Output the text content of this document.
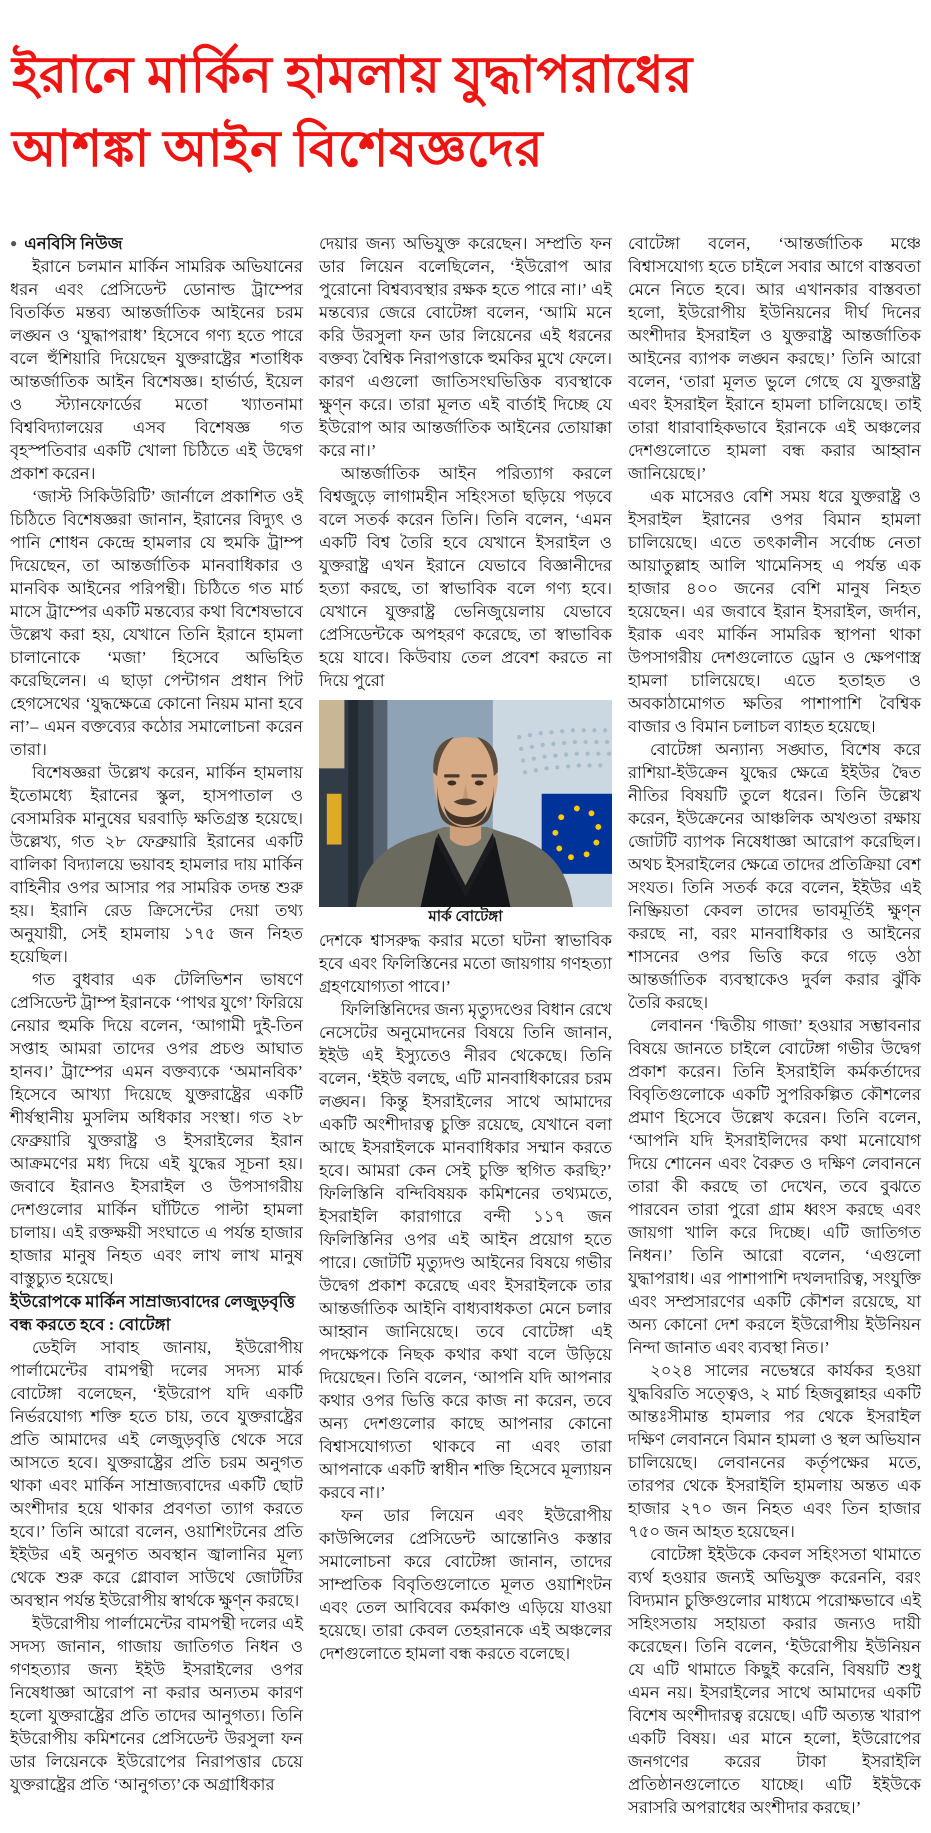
ইরানে মার্কিন হামলায় যুদ্ধাপরাধের
আশঙ্কা আইন বিশেষজ্ঞদের

● এনবিসি নিউজ

ইরানে চলমান মার্কিন সামরিক অভিযানের ধরন এবং প্রেসিডেন্ট ডোনাল্ড ট্রাম্পের বিতর্কিত মন্তব্য আন্তর্জাতিক আইনের চরম লঙ্ঘন ও ‘যুদ্ধাপরাধ’ হিসেবে গণ্য হতে পারে বলে হুঁশিয়ারি দিয়েছেন যুক্তরাষ্ট্রের শতাধিক আন্তর্জাতিক আইন বিশেষজ্ঞ। হার্ভার্ড, ইয়েল ও স্ট্যানফোর্ডের মতো খ্যাতনামা বিশ্ববিদ্যালয়ের এসব বিশেষজ্ঞ গত বৃহস্পতিবার একটি খোলা চিঠিতে এই উদ্বেগ প্রকাশ করেন।

‘জাস্ট সিকিউরিটি’ জার্নালে প্রকাশিত ওই চিঠিতে বিশেষজ্ঞরা জানান, ইরানের বিদ্যুৎ ও পানি শোধন কেন্দ্রে হামলার যে হুমকি ট্রাম্প দিয়েছেন, তা আন্তর্জাতিক মানবাধিকার ও মানবিক আইনের পরিপন্থী। চিঠিতে গত মার্চ মাসে ট্রাম্পের একটি মন্তব্যের কথা বিশেষভাবে উল্লেখ করা হয়, যেখানে তিনি ইরানে হামলা চালানোকে ‘মজা’ হিসেবে অভিহিত করেছিলেন। এ ছাড়া পেন্টাগন প্রধান পিট হেগসেথের ‘যুদ্ধক্ষেত্রে কোনো নিয়ম মানা হবে না’– এমন বক্তব্যের কঠোর সমালোচনা করেন তারা।

বিশেষজ্ঞরা উল্লেখ করেন, মার্কিন হামলায় ইতোমধ্যে ইরানের স্কুল, হাসপাতাল ও বেসামরিক মানুষের ঘরবাড়ি ক্ষতিগ্রস্ত হয়েছে। উল্লেখ্য, গত ২৮ ফেব্রুয়ারি ইরানের একটি বালিকা বিদ্যালয়ে ভয়াবহ হামলার দায় মার্কিন বাহিনীর ওপর আসার পর সামরিক তদন্ত শুরু হয়। ইরানি রেড ক্রিসেন্টের দেয়া তথ্য অনুযায়ী, সেই হামলায় ১৭৫ জন নিহত হয়েছিল।

গত বুধবার এক টেলিভিশন ভাষণে প্রেসিডেন্ট ট্রাম্প ইরানকে ‘পাথর যুগে’ ফিরিয়ে নেয়ার হুমকি দিয়ে বলেন, ‘আগামী দুই-তিন সপ্তাহ আমরা তাদের ওপর প্রচণ্ড আঘাত হানব।’ ট্রাম্পের এমন বক্তব্যকে ‘অমানবিক’ হিসেবে আখ্যা দিয়েছে যুক্তরাষ্ট্রের একটি শীর্ষস্থানীয় মুসলিম অধিকার সংস্থা। গত ২৮ ফেব্রুয়ারি যুক্তরাষ্ট্র ও ইসরাইলের ইরান আক্রমণের মধ্য দিয়ে এই যুদ্ধের সূচনা হয়। জবাবে ইরানও ইসরাইল ও উপসাগরীয় দেশগুলোর মার্কিন ঘাঁটিতে পাল্টা হামলা চালায়। এই রক্তক্ষয়ী সংঘাতে এ পর্যন্ত হাজার হাজার মানুষ নিহত এবং লাখ লাখ মানুষ বাস্তুচ্যুত হয়েছে।

ইউরোপকে মার্কিন সাম্রাজ্যবাদের লেজুড়বৃত্তি বন্ধ করতে হবে : বোটেঙ্গা

ডেইলি সাবাহ জানায়, ইউরোপীয় পার্লামেন্টের বামপন্থী দলের সদস্য মার্ক বোটেঙ্গা বলেছেন, ‘ইউরোপ যদি একটি নির্ভরযোগ্য শক্তি হতে চায়, তবে যুক্তরাষ্ট্রের প্রতি আমাদের এই লেজুড়বৃত্তি থেকে সরে আসতে হবে। যুক্তরাষ্ট্রের প্রতি চরম অনুগত থাকা এবং মার্কিন সাম্রাজ্যবাদের একটি ছোট অংশীদার হয়ে থাকার প্রবণতা ত্যাগ করতে হবে।’ তিনি আরো বলেন, ওয়াশিংটনের প্রতি ইইউর এই অনুগত অবস্থান জ্বালানির মূল্য থেকে শুরু করে গ্লোবাল সাউথে জোটটির অবস্থান পর্যন্ত ইউরোপীয় স্বার্থকে ক্ষুণ্ন করছে।

ইউরোপীয় পার্লামেন্টের বামপন্থী দলের এই সদস্য জানান, গাজায় জাতিগত নিধন ও গণহত্যার জন্য ইইউ ইসরাইলের ওপর নিষেধাজ্ঞা আরোপ না করার অন্যতম কারণ হলো যুক্তরাষ্ট্রের প্রতি তাদের আনুগত্য। তিনি ইউরোপীয় কমিশনের প্রেসিডেন্ট উরসুলা ফন ডার লিয়েনকে ইউরোপের নিরাপত্তার চেয়ে যুক্তরাষ্ট্রের প্রতি ‘আনুগত্য’কে অগ্রাধিকার

দেয়ার জন্য অভিযুক্ত করেছেন। সম্প্রতি ফন ডার লিয়েন বলেছিলেন, ‘ইউরোপ আর পুরোনো বিশ্বব্যবস্থার রক্ষক হতে পারে না।’ এই মন্তব্যের জেরে বোটেঙ্গা বলেন, ‘আমি মনে করি উরসুলা ফন ডার লিয়েনের এই ধরনের বক্তব্য বৈশ্বিক নিরাপত্তাকে হুমকির মুখে ফেলে। কারণ এগুলো জাতিসংঘভিত্তিক ব্যবস্থাকে ক্ষুণ্ন করে। তারা মূলত এই বার্তাই দিচ্ছে যে ইউরোপ আর আন্তর্জাতিক আইনের তোয়াক্কা করে না।’

আন্তর্জাতিক আইন পরিত্যাগ করলে বিশ্বজুড়ে লাগামহীন সহিংসতা ছড়িয়ে পড়বে বলে সতর্ক করেন তিনি। তিনি বলেন, ‘এমন একটি বিশ্ব তৈরি হবে যেখানে ইসরাইল ও যুক্তরাষ্ট্র এখন ইরানে যেভাবে বিজ্ঞানীদের হত্যা করছে, তা স্বাভাবিক বলে গণ্য হবে। যেখানে যুক্তরাষ্ট্র ভেনিজুয়েলায় যেভাবে প্রেসিডেন্টকে অপহরণ করেছে, তা স্বাভাবিক হয়ে যাবে। কিউবায় তেল প্রবেশ করতে না দিয়ে পুরো

মার্ক বোটেঙ্গা

দেশকে শ্বাসরুদ্ধ করার মতো ঘটনা স্বাভাবিক হবে এবং ফিলিস্তিনের মতো জায়গায় গণহত্যা গ্রহণযোগ্যতা পাবে।’

ফিলিস্তিনিদের জন্য মৃত্যুদণ্ডের বিধান রেখে নেসেটের অনুমোদনের বিষয়ে তিনি জানান, ইইউ এই ইস্যুতেও নীরব থেকেছে। তিনি বলেন, ‘ইইউ বলছে, এটি মানবাধিকারের চরম লঙ্ঘন। কিন্তু ইসরাইলের সাথে আমাদের একটি অংশীদারত্ব চুক্তি রয়েছে, যেখানে বলা আছে ইসরাইলকে মানবাধিকার সম্মান করতে হবে। আমরা কেন সেই চুক্তি স্থগিত করছি?’ ফিলিস্তিনি বন্দিবিষয়ক কমিশনের তথ্যমতে, ইসরাইলি কারাগারে বন্দী ১১৭ জন ফিলিস্তিনির ওপর এই আইন প্রয়োগ হতে পারে। জোটটি মৃত্যুদণ্ড আইনের বিষয়ে গভীর উদ্বেগ প্রকাশ করেছে এবং ইসরাইলকে তার আন্তর্জাতিক আইনি বাধ্যবাধকতা মেনে চলার আহ্বান জানিয়েছে। তবে বোটেঙ্গা এই পদক্ষেপকে নিছক কথার কথা বলে উড়িয়ে দিয়েছেন। তিনি বলেন, ‘আপনি যদি আপনার কথার ওপর ভিত্তি করে কাজ না করেন, তবে অন্য দেশগুলোর কাছে আপনার কোনো বিশ্বাসযোগ্যতা থাকবে না এবং তারা আপনাকে একটি স্বাধীন শক্তি হিসেবে মূল্যায়ন করবে না।’

ফন ডার লিয়েন এবং ইউরোপীয় কাউন্সিলের প্রেসিডেন্ট আন্তোনিও কস্তার সমালোচনা করে বোটেঙ্গা জানান, তাদের সাম্প্রতিক বিবৃতিগুলোতে মূলত ওয়াশিংটন এবং তেল আবিবের কর্মকাণ্ড এড়িয়ে যাওয়া হয়েছে। তারা কেবল তেহরানকে এই অঞ্চলের দেশগুলোতে হামলা বন্ধ করতে বলেছে।

বোটেঙ্গা বলেন, ‘আন্তর্জাতিক মঞ্চে বিশ্বাসযোগ্য হতে চাইলে সবার আগে বাস্তবতা মেনে নিতে হবে। আর এখানকার বাস্তবতা হলো, ইউরোপীয় ইউনিয়নের দীর্ঘ দিনের অংশীদার ইসরাইল ও যুক্তরাষ্ট্র আন্তর্জাতিক আইনের ব্যাপক লঙ্ঘন করছে।’ তিনি আরো বলেন, ‘তারা মূলত ভুলে গেছে যে যুক্তরাষ্ট্র এবং ইসরাইল ইরানে হামলা চালিয়েছে। তাই তারা ধারাবাহিকভাবে ইরানকে এই অঞ্চলের দেশগুলোতে হামলা বন্ধ করার আহ্বান জানিয়েছে।’

এক মাসেরও বেশি সময় ধরে যুক্তরাষ্ট্র ও ইসরাইল ইরানের ওপর বিমান হামলা চালিয়েছে। এতে তৎকালীন সর্বোচ্চ নেতা আয়াতুল্লাহ আলি খামেনিসহ এ পর্যন্ত এক হাজার ৪০০ জনের বেশি মানুষ নিহত হয়েছেন। এর জবাবে ইরান ইসরাইল, জর্দান, ইরাক এবং মার্কিন সামরিক স্থাপনা থাকা উপসাগরীয় দেশগুলোতে ড্রোন ও ক্ষেপণাস্ত্র হামলা চালিয়েছে। এতে হতাহত ও অবকাঠামোগত ক্ষতির পাশাপাশি বৈশ্বিক বাজার ও বিমান চলাচল ব্যাহত হয়েছে।

বোটেঙ্গা অন্যান্য সঙ্ঘাত, বিশেষ করে রাশিয়া-ইউক্রেন যুদ্ধের ক্ষেত্রে ইইউর দ্বৈত নীতির বিষয়টি তুলে ধরেন। তিনি উল্লেখ করেন, ইউক্রেনের আঞ্চলিক অখণ্ডতা রক্ষায় জোটটি ব্যাপক নিষেধাজ্ঞা আরোপ করেছিল। অথচ ইসরাইলের ক্ষেত্রে তাদের প্রতিক্রিয়া বেশ সংযত। তিনি সতর্ক করে বলেন, ইইউর এই নিষ্ক্রিয়তা কেবল তাদের ভাবমূর্তিই ক্ষুণ্ন করছে না, বরং মানবাধিকার ও আইনের শাসনের ওপর ভিত্তি করে গড়ে ওঠা আন্তর্জাতিক ব্যবস্থাকেও দুর্বল করার ঝুঁকি তৈরি করছে।

লেবানন ‘দ্বিতীয় গাজা’ হওয়ার সম্ভাবনার বিষয়ে জানতে চাইলে বোটেঙ্গা গভীর উদ্বেগ প্রকাশ করেন। তিনি ইসরাইলি কর্মকর্তাদের বিবৃতিগুলোকে একটি সুপরিকল্পিত কৌশলের প্রমাণ হিসেবে উল্লেখ করেন। তিনি বলেন, ‘আপনি যদি ইসরাইলিদের কথা মনোযোগ দিয়ে শোনেন এবং বৈরুত ও দক্ষিণ লেবাননে তারা কী করছে তা দেখেন, তবে বুঝতে পারবেন তারা পুরো গ্রাম ধ্বংস করছে এবং জায়গা খালি করে দিচ্ছে। এটি জাতিগত নিধন।’ তিনি আরো বলেন, ‘এগুলো যুদ্ধাপরাধ। এর পাশাপাশি দখলদারিত্ব, সংযুক্তি এবং সম্প্রসারণের একটি কৌশল রয়েছে, যা অন্য কোনো দেশ করলে ইউরোপীয় ইউনিয়ন নিন্দা জানাত এবং ব্যবস্থা নিত।’

২০২৪ সালের নভেম্বরে কার্যকর হওয়া যুদ্ধবিরতি সত্ত্বেও, ২ মার্চ হিজবুল্লাহর একটি আন্তঃসীমান্ত হামলার পর থেকে ইসরাইল দক্ষিণ লেবাননে বিমান হামলা ও স্থল অভিযান চালিয়েছে। লেবাননের কর্তৃপক্ষের মতে, তারপর থেকে ইসরাইলি হামলায় অন্তত এক হাজার ২৭০ জন নিহত এবং তিন হাজার ৭৫০ জন আহত হয়েছেন।

বোটেঙ্গা ইইউকে কেবল সহিংসতা থামাতে ব্যর্থ হওয়ার জন্যই অভিযুক্ত করেননি, বরং বিদ্যমান চুক্তিগুলোর মাধ্যমে পরোক্ষভাবে এই সহিংসতায় সহায়তা করার জন্যও দায়ী করেছেন। তিনি বলেন, ‘ইউরোপীয় ইউনিয়ন যে এটি থামাতে কিছুই করেনি, বিষয়টি শুধু এমন নয়। ইসরাইলের সাথে আমাদের একটি বিশেষ অংশীদারত্ব রয়েছে। এটি অত্যন্ত খারাপ একটি বিষয়। এর মানে হলো, ইউরোপের জনগণের করের টাকা ইসরাইলি প্রতিষ্ঠানগুলোতে যাচ্ছে। এটি ইইউকে সরাসরি অপরাধের অংশীদার করছে।’
